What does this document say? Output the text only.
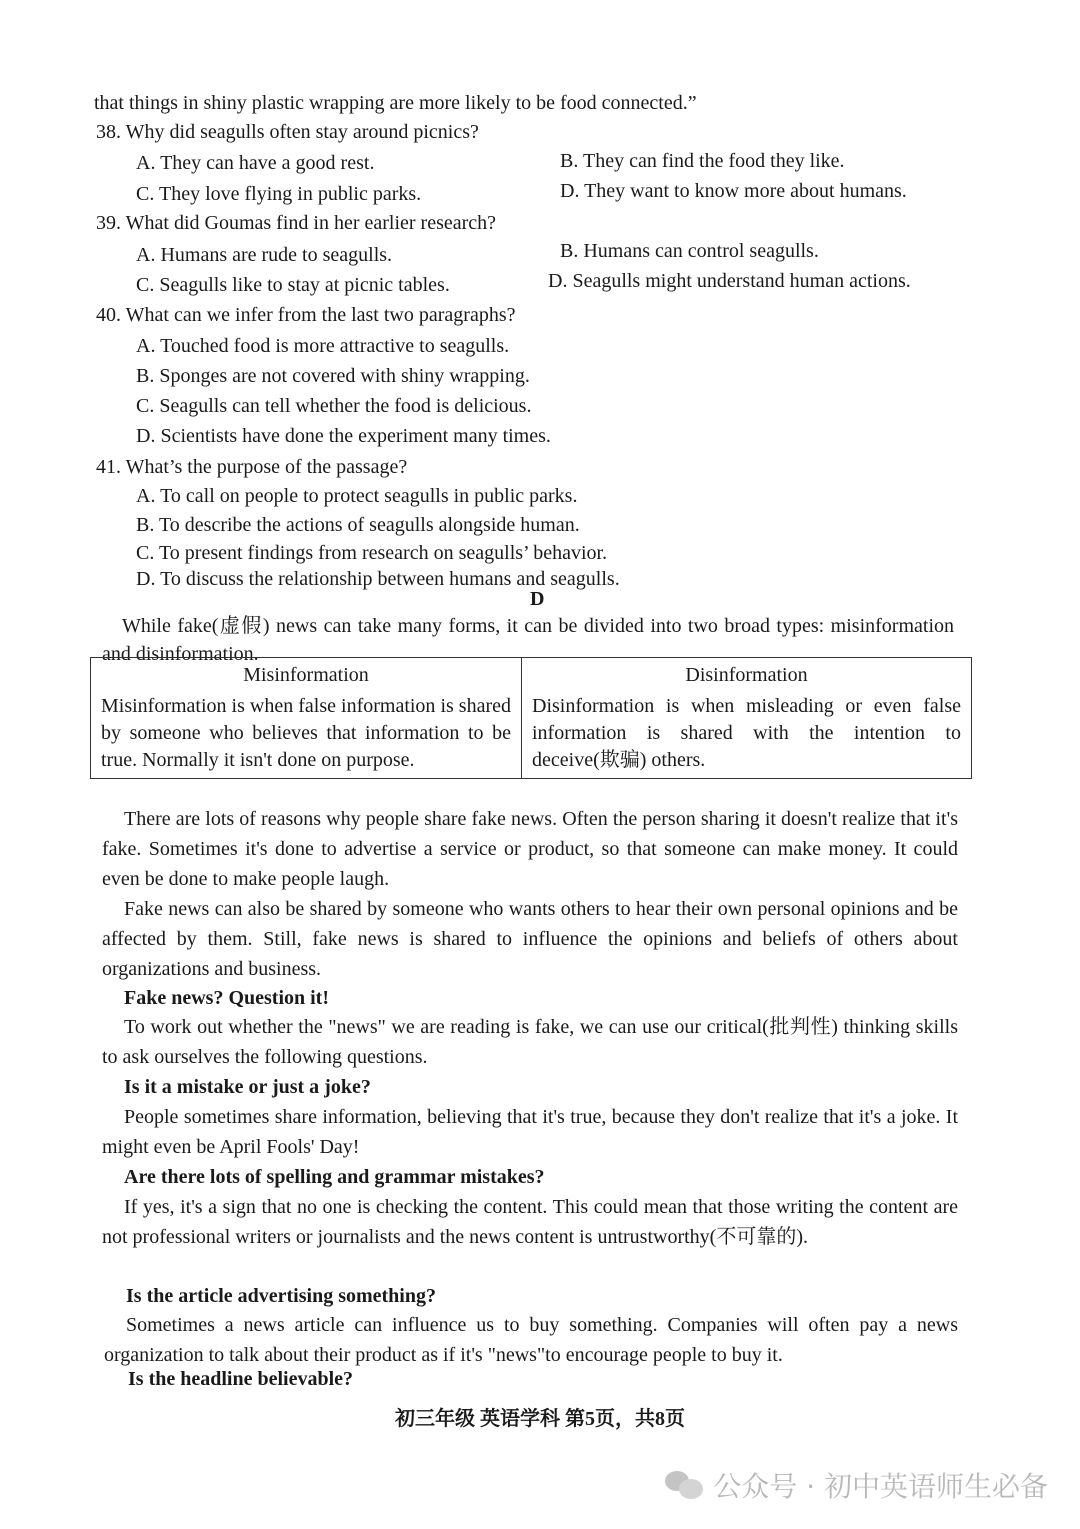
that things in shiny plastic wrapping are more likely to be food connected.”
38. Why did seagulls often stay around picnics?
A. They can have a good rest.	B. They can find the food they like.
C. They love flying in public parks.	D. They want to know more about humans.
39. What did Goumas find in her earlier research?
A. Humans are rude to seagulls.	B. Humans can control seagulls.
C. Seagulls like to stay at picnic tables.	D. Seagulls might understand human actions.
40. What can we infer from the last two paragraphs?
A. Touched food is more attractive to seagulls.
B. Sponges are not covered with shiny wrapping.
C. Seagulls can tell whether the food is delicious.
D. Scientists have done the experiment many times.
41. What’s the purpose of the passage?
A. To call on people to protect seagulls in public parks.
B. To describe the actions of seagulls alongside human.
C. To present findings from research on seagulls’ behavior.
D. To discuss the relationship between humans and seagulls.
D
While fake(虚假) news can take many forms, it can be divided into two broad types: misinformation and disinformation.
Misinformation	Disinformation
Misinformation is when false information is shared by someone who believes that information to be true. Normally it isn't done on purpose.	Disinformation is when misleading or even false information is shared with the intention to deceive(欺骗) others.
There are lots of reasons why people share fake news. Often the person sharing it doesn't realize that it's fake. Sometimes it's done to advertise a service or product, so that someone can make money. It could even be done to make people laugh.
Fake news can also be shared by someone who wants others to hear their own personal opinions and be affected by them. Still, fake news is shared to influence the opinions and beliefs of others about organizations and business.
Fake news? Question it!
To work out whether the "news" we are reading is fake, we can use our critical(批判性) thinking skills to ask ourselves the following questions.
Is it a mistake or just a joke?
People sometimes share information, believing that it's true, because they don't realize that it's a joke. It might even be April Fools' Day!
Are there lots of spelling and grammar mistakes?
If yes, it's a sign that no one is checking the content. This could mean that those writing the content are not professional writers or journalists and the news content is untrustworthy(不可靠的).
Is the article advertising something?
Sometimes a news article can influence us to buy something. Companies will often pay a news organization to talk about their product as if it's "news"to encourage people to buy it.
Is the headline believable?
初三年级 英语学科 第5页，共8页
公众号 · 初中英语师生必备
